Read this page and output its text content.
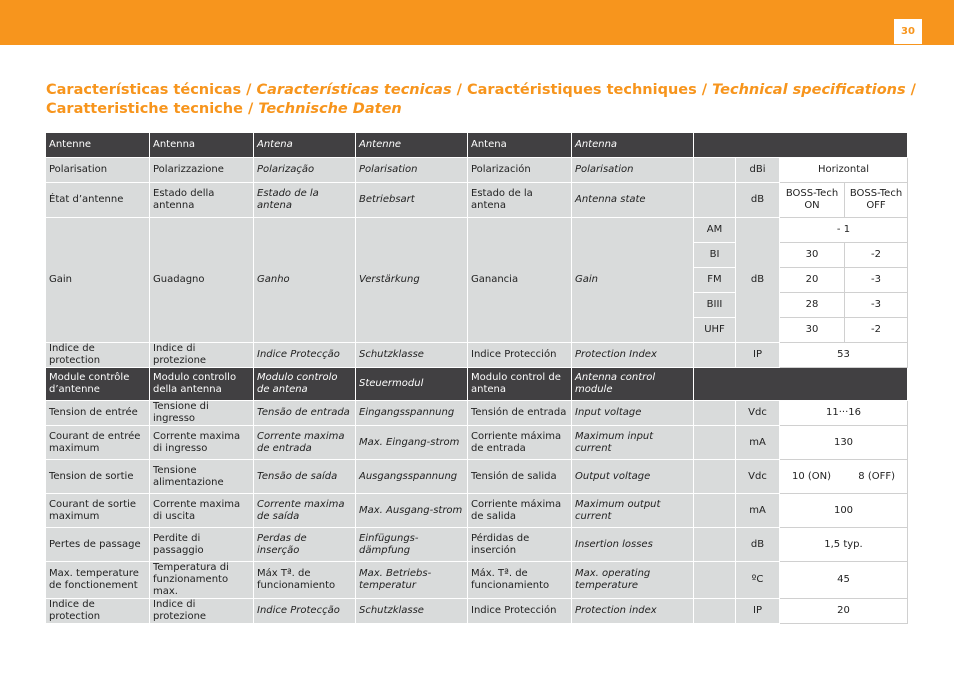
30
Características técnicas / Características tecnicas / Caractéristiques techniques / Technical specifications / Caratteristiche tecniche / Technische Daten
Antenne	Antenna	Antena	Antenne	Antena	Antenna				
Polarisation	Polarizzazione	Polarização	Polarisation	Polarización	Polarisation		dBi	Horizontal	
État d’antenne	Estado della antenna	Estado de la antena	Betriebsart	Estado de la antena	Antenna state		dB	BOSS-Tech ON	BOSS-Tech OFF
Gain	Guadagno	Ganho	Verstärkung	Ganancia	Gain	AM	dB	- 1	
						BI		30	-2
						FM		20	-3
						BIII		28	-3
						UHF		30	-2
Indice de protection	Indice di protezione	Indice Protecção	Schutzklasse	Indice Protección	Protection Index		IP	53	
Module contrôle d’antenne	Modulo controllo della antenna	Modulo controlo de antena	Steuermodul	Modulo control de antena	Antenna control module				
Tension de entrée	Tensione di ingresso	Tensão de entrada	Eingangsspannung	Tensión de entrada	Input voltage		Vdc	11···16	
Courant de entrée maximum	Corrente maxima di ingresso	Corrente maxima de entrada	Max. Eingang-strom	Corriente máxima de entrada	Maximum input current		mA	130	
Tension de sortie	Tensione alimentazione	Tensão de saída	Ausgangsspannung	Tensión de salida	Output voltage		Vdc	10 (ON) 8 (OFF)	

Courant de sortie maximum	Corrente maxima di uscita	Corrente maxima de saída	Max. Ausgang-strom	Corriente máxima de salida	Maximum output current		mA	100	
Pertes de passage	Perdite di passaggio	Perdas de inserção	Einfügungs-dämpfung	Pérdidas de inserción	Insertion losses		dB	1,5 typ.	
Max. temperature de fonctionement	Temperatura di funzionamento max.	Máx Tª. de funcionamiento	Max. Betriebs-temperatur	Máx. Tª. de funcionamiento	Max. operating temperature		ºC	45	
Indice de protection	Indice di protezione	Indice Protecção	Schutzklasse	Indice Protección	Protection index		IP	20	
